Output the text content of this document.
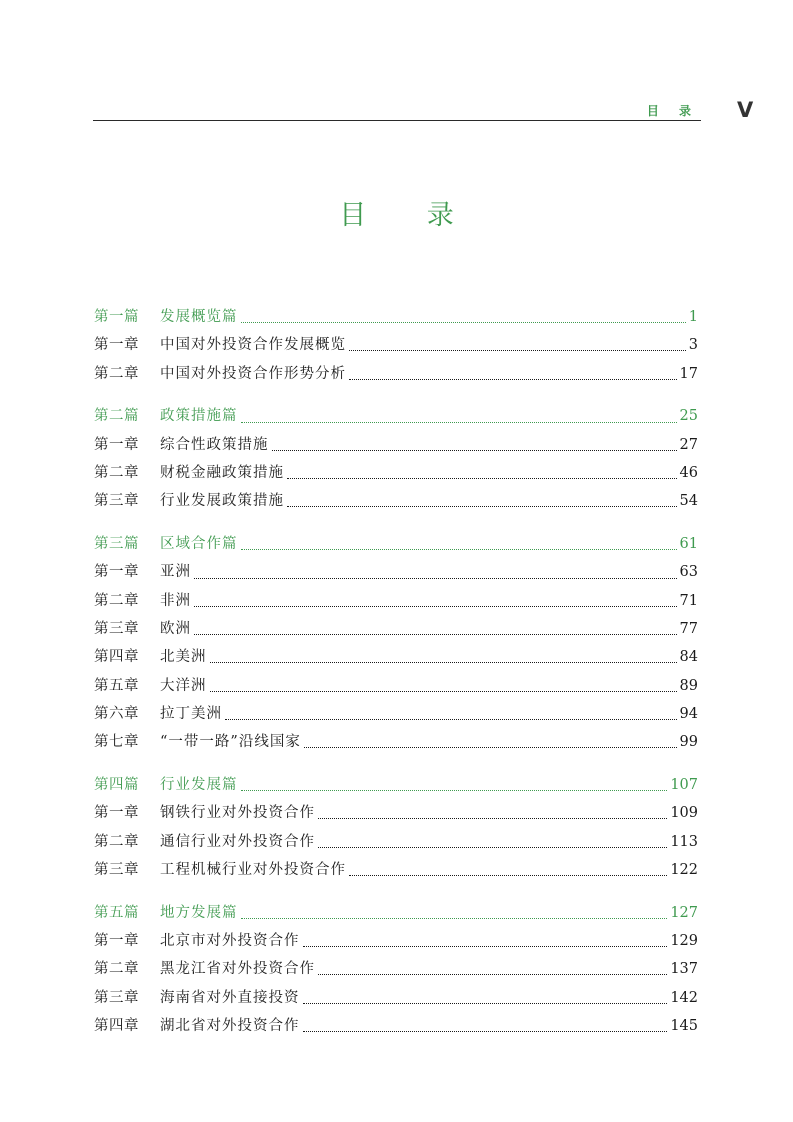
目 录 V
目 录
第一篇	发展概览篇	1
第一章	中国对外投资合作发展概览	3
第二章	中国对外投资合作形势分析	17
第二篇	政策措施篇	25
第一章	综合性政策措施	27
第二章	财税金融政策措施	46
第三章	行业发展政策措施	54
第三篇	区域合作篇	61
第一章	亚洲	63
第二章	非洲	71
第三章	欧洲	77
第四章	北美洲	84
第五章	大洋洲	89
第六章	拉丁美洲	94
第七章	“一带一路”沿线国家	99
第四篇	行业发展篇	107
第一章	钢铁行业对外投资合作	109
第二章	通信行业对外投资合作	113
第三章	工程机械行业对外投资合作	122
第五篇	地方发展篇	127
第一章	北京市对外投资合作	129
第二章	黑龙江省对外投资合作	137
第三章	海南省对外直接投资	142
第四章	湖北省对外投资合作	145
